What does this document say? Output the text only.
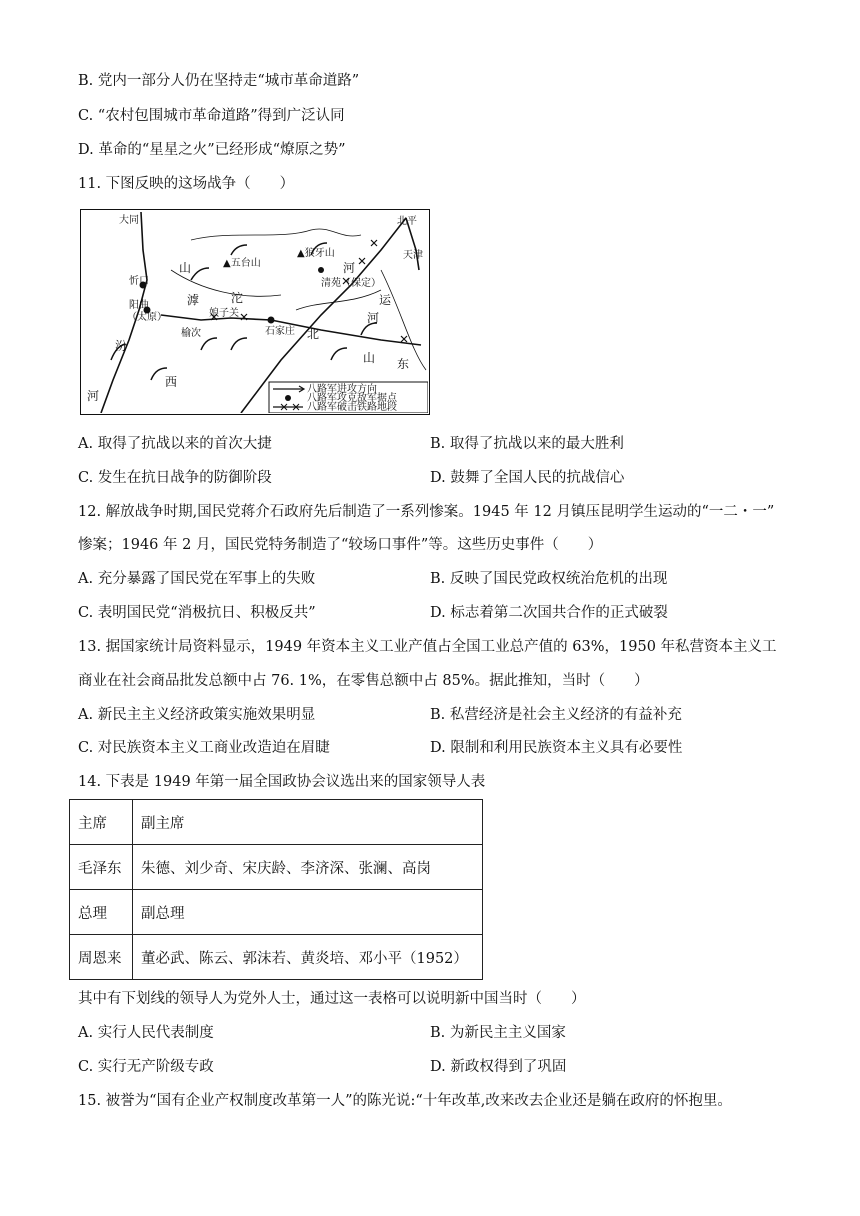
B. 党内一部分人仍在坚持走“城市革命道路”
C. “农村包围城市革命道路”得到广泛认同
D. 革命的“星星之火”已经形成“燎原之势”
11. 下图反映的这场战争（　　）
大同	北平
▲五台山
▲狼牙山	天津
忻口	清苑（保定）
阳曲
（太原）	娘子关
石家庄
榆次
山
西
河
北
山 东
汾
河
滹	沱	运
河
八路军进攻方向
八路军攻克敌军据点
八路军破击铁路地段
A. 取得了抗战以来的首次大捷	B. 取得了抗战以来的最大胜利
C. 发生在抗日战争的防御阶段	D. 鼓舞了全国人民的抗战信心
12. 解放战争时期,国民党蒋介石政府先后制造了一系列惨案。1945 年 12 月镇压昆明学生运动的“一二・一”
惨案；1946 年 2 月，国民党特务制造了“较场口事件”等。这些历史事件（　　）
A. 充分暴露了国民党在军事上的失败	B. 反映了国民党政权统治危机的出现
C. 表明国民党“消极抗日、积极反共”	D. 标志着第二次国共合作的正式破裂
13. 据国家统计局资料显示，1949 年资本主义工业产值占全国工业总产值的 63%，1950 年私营资本主义工
商业在社会商品批发总额中占 76. 1%，在零售总额中占 85%。据此推知，当时（　　）
A. 新民主主义经济政策实施效果明显	B. 私营经济是社会主义经济的有益补充
C. 对民族资本主义工商业改造迫在眉睫	D. 限制和利用民族资本主义具有必要性
14. 下表是 1949 年第一届全国政协会议选出来的国家领导人表
主席	副主席
毛泽东	朱德、刘少奇、宋庆龄、李济深、张澜、高岗
总理	副总理
周恩来	董必武、陈云、郭沫若、黄炎培、邓小平（1952）
其中有下划线的领导人为党外人士，通过这一表格可以说明新中国当时（　　）
A. 实行人民代表制度	B. 为新民主主义国家
C. 实行无产阶级专政	D. 新政权得到了巩固
15. 被誉为“国有企业产权制度改革第一人”的陈光说:“十年改革,改来改去企业还是躺在政府的怀抱里。
